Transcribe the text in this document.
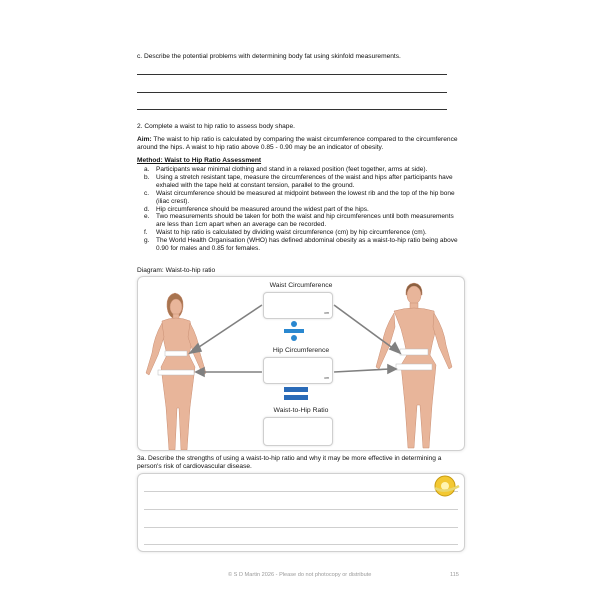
c. Describe the potential problems with determining body fat using skinfold measurements.
2. Complete a waist to hip ratio to assess body shape.
Aim: The waist to hip ratio is calculated by comparing the waist circumference compared to the circumference around the hips. A waist to hip ratio above 0.85 - 0.90 may be an indicator of obesity.
Method: Waist to Hip Ratio Assessment
a. Participants wear minimal clothing and stand in a relaxed position (feet together, arms at side).
b. Using a stretch resistant tape, measure the circumferences of the waist and hips after participants have exhaled with the tape held at constant tension, parallel to the ground.
c. Waist circumference should be measured at midpoint between the lowest rib and the top of the hip bone (iliac crest).
d. Hip circumference should be measured around the widest part of the hips.
e. Two measurements should be taken for both the waist and hip circumferences until both measurements are less than 1cm apart when an average can be recorded.
f. Waist to hip ratio is calculated by dividing waist circumference (cm) by hip circumference (cm).
g. The World Health Organisation (WHO) has defined abdominal obesity as a waist-to-hip ratio being above 0.90 for males and 0.85 for females.
Diagram: Waist-to-hip ratio
Waist Circumference
cm
Hip Circumference
cm
Waist-to-Hip Ratio
3a. Describe the strengths of using a waist-to-hip ratio and why it may be more effective in determining a person's risk of cardiovascular disease.
© S D Martin 2026 - Please do not photocopy or distribute	115
